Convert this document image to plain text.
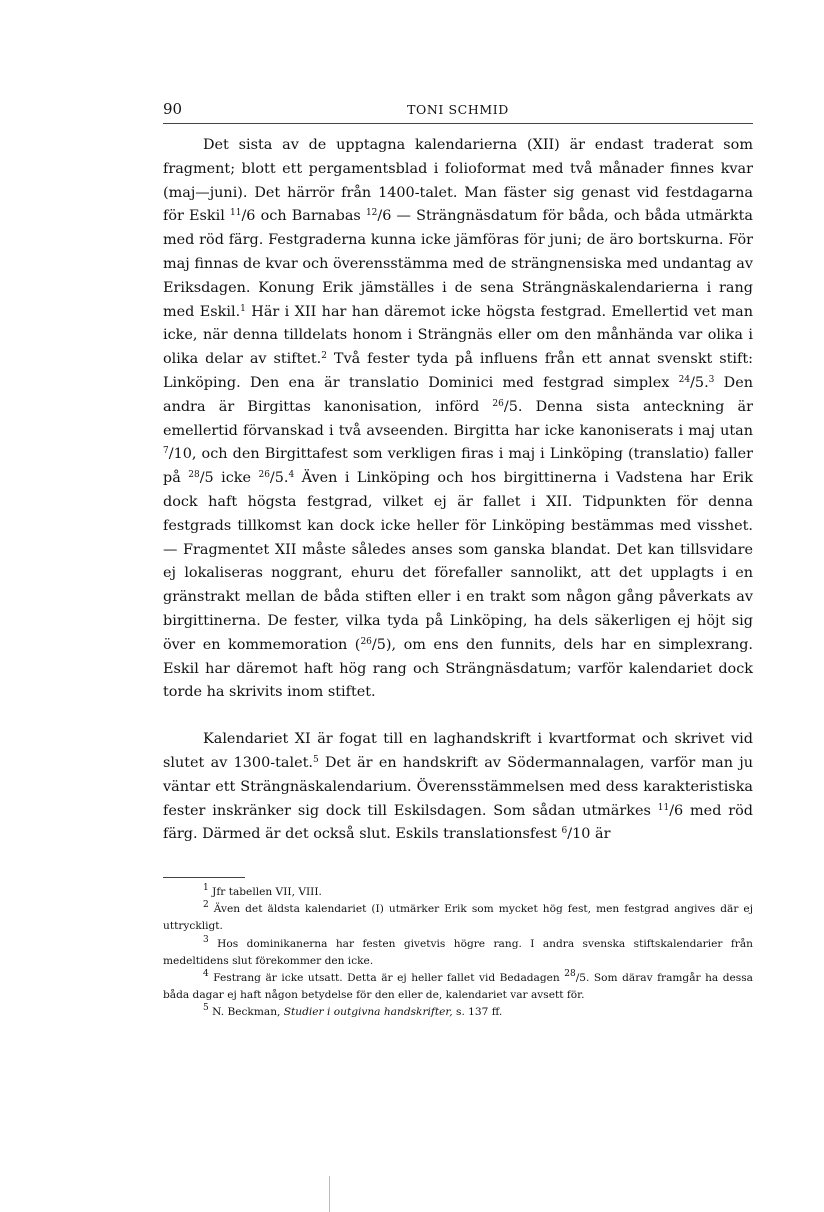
90	TONI SCHMID

Det sista av de upptagna kalendarierna (XII) är endast traderat som fragment; blott ett pergamentsblad i folioformat med två månader finnes kvar (maj—juni). Det härrör från 1400-talet. Man fäster sig genast vid festdagarna för Eskil $^{11}$/6 och Barnabas $^{12}$/6 — Strängnäsdatum för båda, och båda utmärkta med röd färg. Festgraderna kunna icke jämföras för juni; de äro bortskurna. För maj finnas de kvar och överensstämma med de strängnensiska med undantag av Eriksdagen. Konung Erik jämställes i de sena Strängnäskalendarierna i rang med Eskil.$^1$ Här i XII har han däremot icke högsta festgrad. Emellertid vet man icke, när denna tilldelats honom i Strängnäs eller om den månhända var olika i olika delar av stiftet.$^2$ Två fester tyda på influens från ett annat svenskt stift: Linköping. Den ena är translatio Dominici med festgrad simplex $^{24}$/5.$^3$ Den andra är Birgittas kanonisation, införd $^{26}$/5. Denna sista anteckning är emellertid förvanskad i två avseenden. Birgitta har icke kanoniserats i maj utan $^7$/10, och den Birgittafest som verkligen firas i maj i Linköping (translatio) faller på $^{28}$/5 icke $^{26}$/5.$^4$ Även i Linköping och hos birgittinerna i Vadstena har Erik dock haft högsta festgrad, vilket ej är fallet i XII. Tidpunkten för denna festgrads tillkomst kan dock icke heller för Linköping bestämmas med visshet. — Fragmentet XII måste således anses som ganska blandat. Det kan tillsvidare ej lokaliseras noggrant, ehuru det förefaller sannolikt, att det upplagts i en gränstrakt mellan de båda stiften eller i en trakt som någon gång påverkats av birgittinerna. De fester, vilka tyda på Linköping, ha dels säkerligen ej höjt sig över en kommemoration ($^{26}$/5), om ens den funnits, dels har en simplexrang. Eskil har däremot haft hög rang och Strängnäsdatum; varför kalendariet dock torde ha skrivits inom stiftet.

Kalendariet XI är fogat till en laghandskrift i kvartformat och skrivet vid slutet av 1300-talet.$^5$ Det är en handskrift av Södermannalagen, varför man ju väntar ett Strängnäskalendarium. Överensstämmelsen med dess karakteristiska fester inskränker sig dock till Eskilsdagen. Som sådan utmärkes $^{11}$/6 med röd färg. Därmed är det också slut. Eskils translationsfest $^6$/10 är

$^1$ Jfr tabellen VII, VIII.
$^2$ Även det äldsta kalendariet (I) utmärker Erik som mycket hög fest, men festgrad angives där ej uttryckligt.
$^3$ Hos dominikanerna har festen givetvis högre rang. I andra svenska stiftskalendarier från medeltidens slut förekommer den icke.
$^4$ Festrang är icke utsatt. Detta är ej heller fallet vid Bedadagen $^{28}$/5. Som därav framgår ha dessa båda dagar ej haft någon betydelse för den eller de, kalendariet var avsett för.
$^5$ N. Beckman, Studier i outgivna handskrifter, s. 137 ff.
